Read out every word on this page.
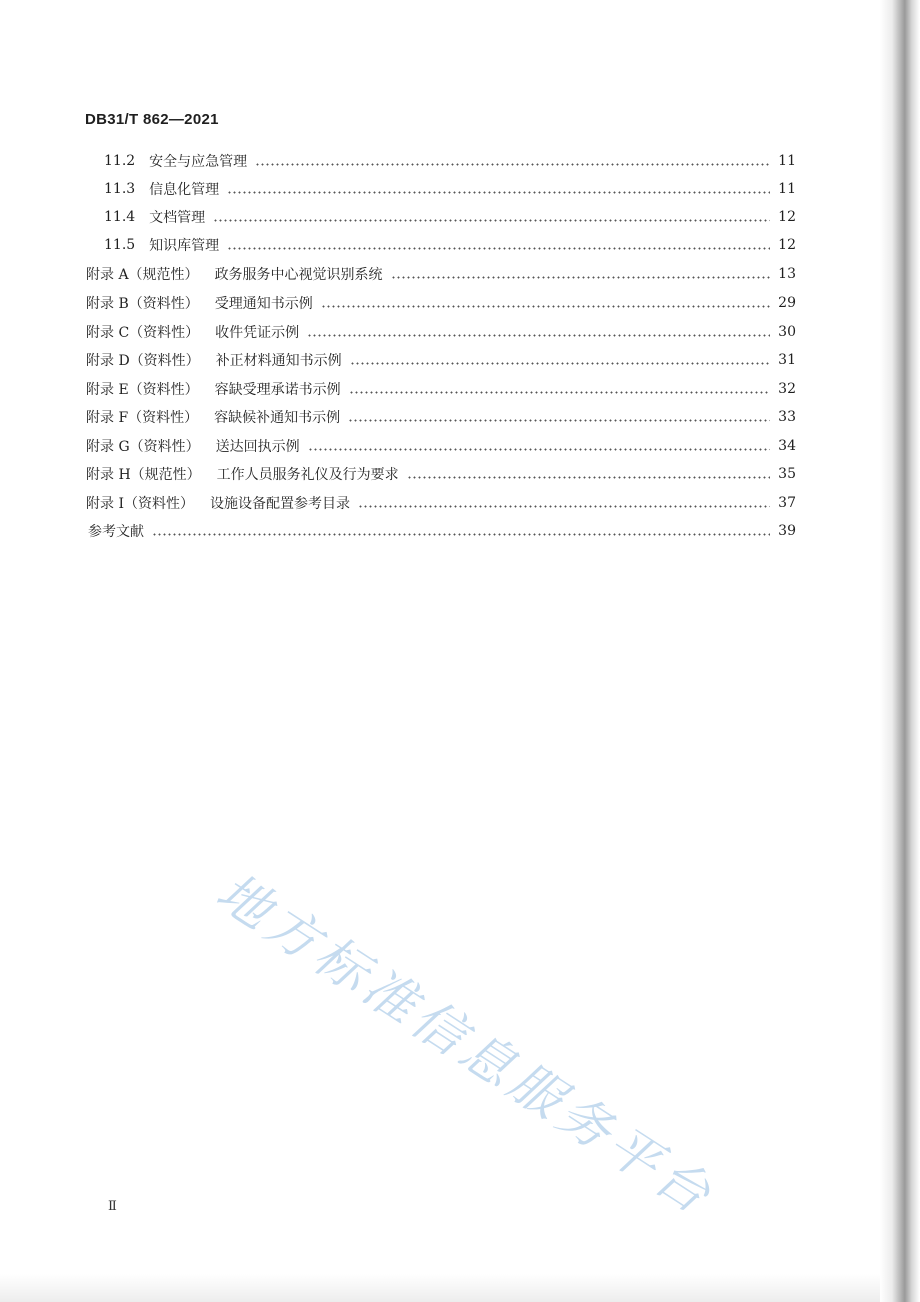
DB31/T 862—2021
11.2	安全与应急管理	11
11.3	信息化管理	11
11.4	文档管理	12
11.5	知识库管理	12
附录 A（规范性）	政务服务中心视觉识别系统	13
附录 B（资料性）	受理通知书示例	29
附录 C（资料性）	收件凭证示例	30
附录 D（资料性）	补正材料通知书示例	31
附录 E（资料性）	容缺受理承诺书示例	32
附录 F（资料性）	容缺候补通知书示例	33
附录 G（资料性）	送达回执示例	34
附录 H（规范性）	工作人员服务礼仪及行为要求	35
附录 I（资料性）	设施设备配置参考目录	37
参考文献	39
地方标准信息服务平台
Ⅱ
